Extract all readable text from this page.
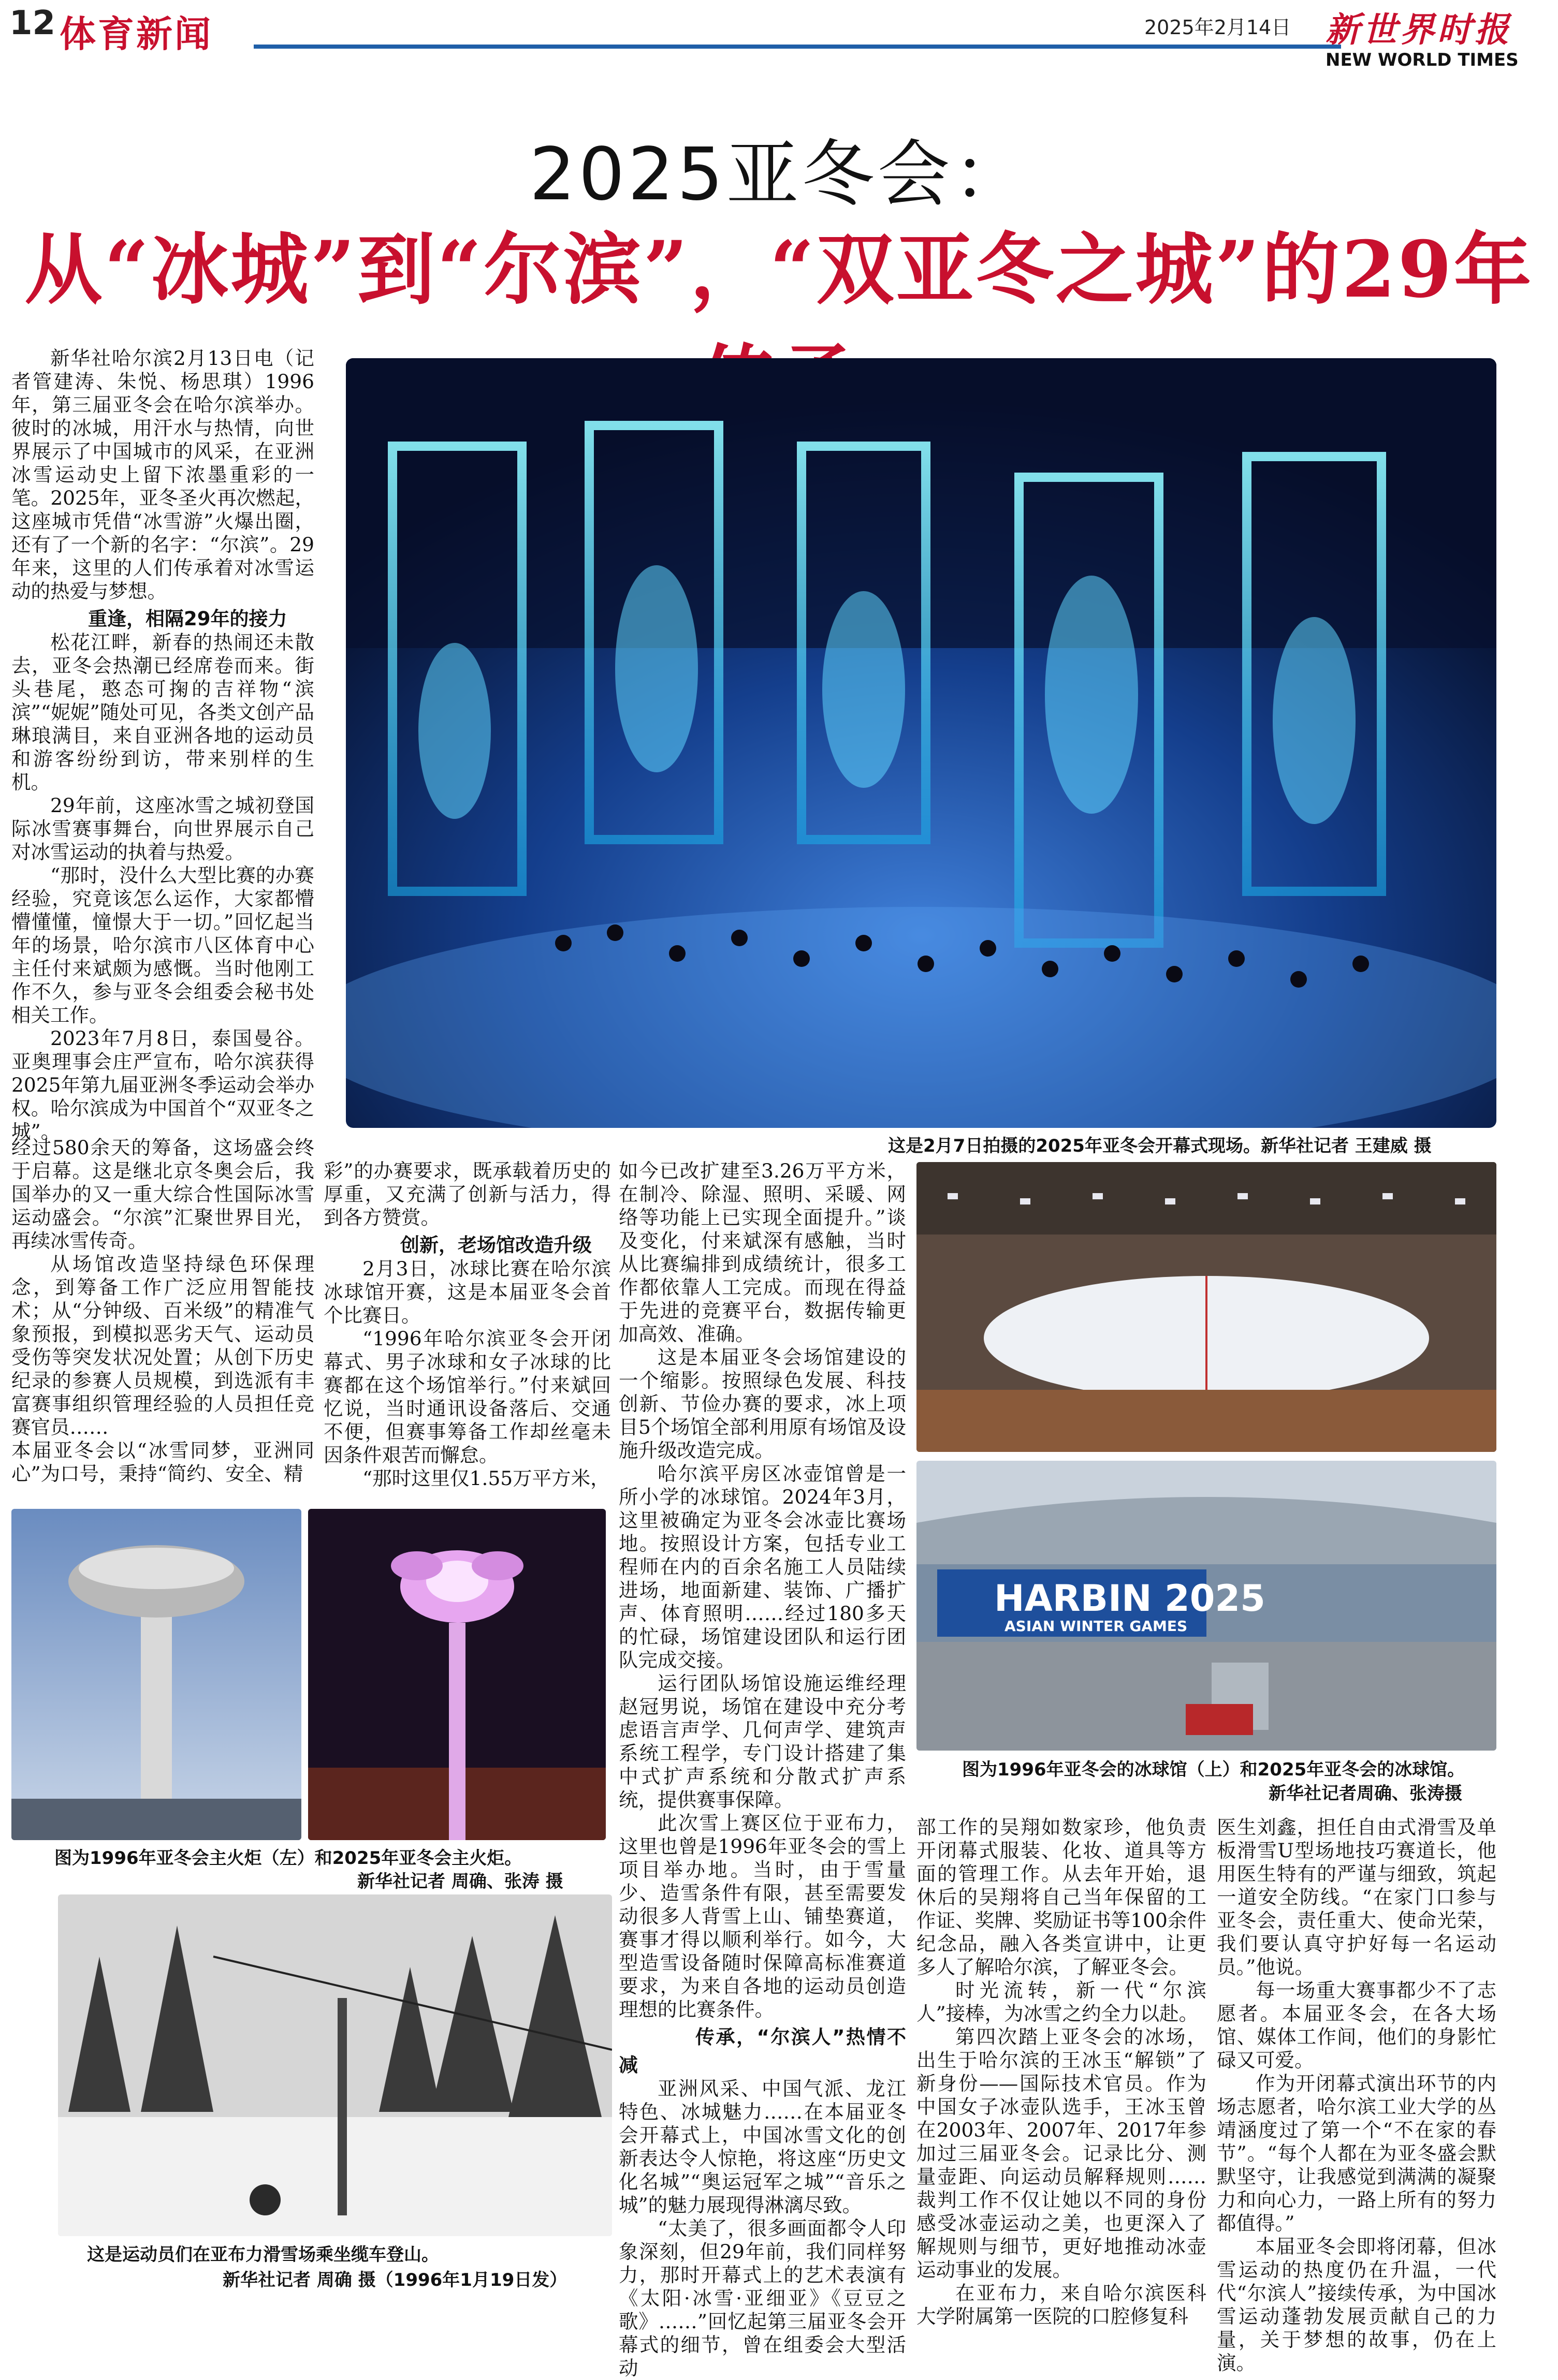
12 体育新闻	2025年2月14日 新世界时报
NEW WORLD TIMES
2025亚冬会：
从“冰城”到“尔滨”，“双亚冬之城”的29年
这是2月7日拍摄的2025年亚冬会开幕式现场。新华社记者 王建威 摄

新华社哈尔滨2月13日电（记者管建涛、朱悦、杨思琪）1996年，第三届亚冬会在哈尔滨举办。彼时的冰城，用汗水与热情，向世界展示了中国城市的风采，在亚洲冰雪运动史上留下浓墨重彩的一笔。2025年，亚冬圣火再次燃起，这座城市凭借“冰雪游”火爆出圈，还有了一个新的名字：“尔滨”。29年来，这里的人们传承着对冰雪运动的热爱与梦想。

重逢，相隔29年的接力

松花江畔，新春的热闹还未散去，亚冬会热潮已经席卷而来。街头巷尾，憨态可掬的吉祥物“滨滨”“妮妮”随处可见，各类文创产品琳琅满目，来自亚洲各地的运动员和游客纷纷到访，带来别样的生机。

29年前，这座冰雪之城初登国际冰雪赛事舞台，向世界展示自己对冰雪运动的执着与热爱。

“那时，没什么大型比赛的办赛经验，究竟该怎么运作，大家都懵懵懂懂，憧憬大于一切。”回忆起当年的场景，哈尔滨市八区体育中心主任付来斌颇为感慨。当时他刚工作不久，参与亚冬会组委会秘书处相关工作。

2023年7月8日，泰国曼谷。亚奥理事会庄严宣布，哈尔滨获得2025年第九届亚洲冬季运动会举办权。哈尔滨成为中国首个“双亚冬之城”。

经过580余天的筹备，这场盛会终于启幕。这是继北京冬奥会后，我国举办的又一重大综合性国际冰雪运动盛会。“尔滨”汇聚世界目光，再续冰雪传奇。

从场馆改造坚持绿色环保理念，到筹备工作广泛应用智能技术；从“分钟级、百米级”的精准气象预报，到模拟恶劣天气、运动员受伤等突发状况处置；从创下历史纪录的参赛人员规模，到选派有丰富赛事组织管理经验的人员担任竞赛官员……

本届亚冬会以“冰雪同梦，亚洲同心”为口号，秉持“简约、安全、精

彩”的办赛要求，既承载着历史的厚重，又充满了创新与活力，得到各方赞赏。

创新，老场馆改造升级

2月3日，冰球比赛在哈尔滨冰球馆开赛，这是本届亚冬会首个比赛日。

“1996年哈尔滨亚冬会开闭幕式、男子冰球和女子冰球的比赛都在这个场馆举行。”付来斌回忆说，当时通讯设备落后、交通不便，但赛事筹备工作却丝毫未因条件艰苦而懈怠。

“那时这里仅1.55万平方米，

如今已改扩建至3.26万平方米，在制冷、除湿、照明、采暖、网络等功能上已实现全面提升。”谈及变化，付来斌深有感触，当时从比赛编排到成绩统计，很多工作都依靠人工完成。而现在得益于先进的竞赛平台，数据传输更加高效、准确。

这是本届亚冬会场馆建设的一个缩影。按照绿色发展、科技创新、节俭办赛的要求，冰上项目5个场馆全部利用原有场馆及设施升级改造完成。

哈尔滨平房区冰壶馆曾是一所小学的冰球馆。2024年3月，这里被确定为亚冬会冰壶比赛场地。按照设计方案，包括专业工程师在内的百余名施工人员陆续进场，地面新建、装饰、广播扩声、体育照明……经过180多天的忙碌，场馆建设团队和运行团队完成交接。

运行团队场馆设施运维经理赵冠男说，场馆在建设中充分考虑语言声学、几何声学、建筑声系统工程学，专门设计搭建了集中式扩声系统和分散式扩声系统，提供赛事保障。

此次雪上赛区位于亚布力，这里也曾是1996年亚冬会的雪上项目举办地。当时，由于雪量少、造雪条件有限，甚至需要发动很多人背雪上山、铺垫赛道，赛事才得以顺利举行。如今，大型造雪设备随时保障高标准赛道要求，为来自各地的运动员创造理想的比赛条件。

传承，“尔滨人”热情不减

亚洲风采、中国气派、龙江特色、冰城魅力……在本届亚冬会开幕式上，中国冰雪文化的创新表达令人惊艳，将这座“历史文化名城”“奥运冠军之城”“音乐之城”的魅力展现得淋漓尽致。

“太美了，很多画面都令人印象深刻，但29年前，我们同样努力，那时开幕式上的艺术表演有《太阳·冰雪·亚细亚》《豆豆之歌》……”回忆起第三届亚冬会开幕式的细节，曾在组委会大型活动

部工作的吴翔如数家珍，他负责开闭幕式服装、化妆、道具等方面的管理工作。从去年开始，退休后的吴翔将自己当年保留的工作证、奖牌、奖励证书等100余件纪念品，融入各类宣讲中，让更多人了解哈尔滨，了解亚冬会。

时光流转，新一代“尔滨人”接棒，为冰雪之约全力以赴。

第四次踏上亚冬会的冰场，出生于哈尔滨的王冰玉“解锁”了新身份——国际技术官员。作为中国女子冰壶队选手，王冰玉曾在2003年、2007年、2017年参加过三届亚冬会。记录比分、测量壶距、向运动员解释规则……裁判工作不仅让她以不同的身份感受冰壶运动之美，也更深入了解规则与细节，更好地推动冰壶运动事业的发展。

在亚布力，来自哈尔滨医科大学附属第一医院的口腔修复科

医生刘鑫，担任自由式滑雪及单板滑雪U型场地技巧赛道长，他用医生特有的严谨与细致，筑起一道安全防线。“在家门口参与亚冬会，责任重大、使命光荣，我们要认真守护好每一名运动员。”他说。

每一场重大赛事都少不了志愿者。本届亚冬会，在各大场馆、媒体工作间，他们的身影忙碌又可爱。

作为开闭幕式演出环节的内场志愿者，哈尔滨工业大学的丛靖涵度过了第一个“不在家的春节”。“每个人都在为亚冬盛会默默坚守，让我感觉到满满的凝聚力和向心力，一路上所有的努力都值得。”

本届亚冬会即将闭幕，但冰雪运动的热度仍在升温，一代代“尔滨人”接续传承，为中国冰雪运动蓬勃发展贡献自己的力量，关于梦想的故事，仍在上演。

图为1996年亚冬会主火炬（左）和2025年亚冬会主火炬。
新华社记者 周确、张涛 摄
这是运动员们在亚布力滑雪场乘坐缆车登山。
新华社记者 周确 摄（1996年1月19日发）
HARBIN 2025
ASIAN WINTER GAMES
图为1996年亚冬会的冰球馆（上）和2025年亚冬会的冰球馆。
新华社记者周确、张涛摄
